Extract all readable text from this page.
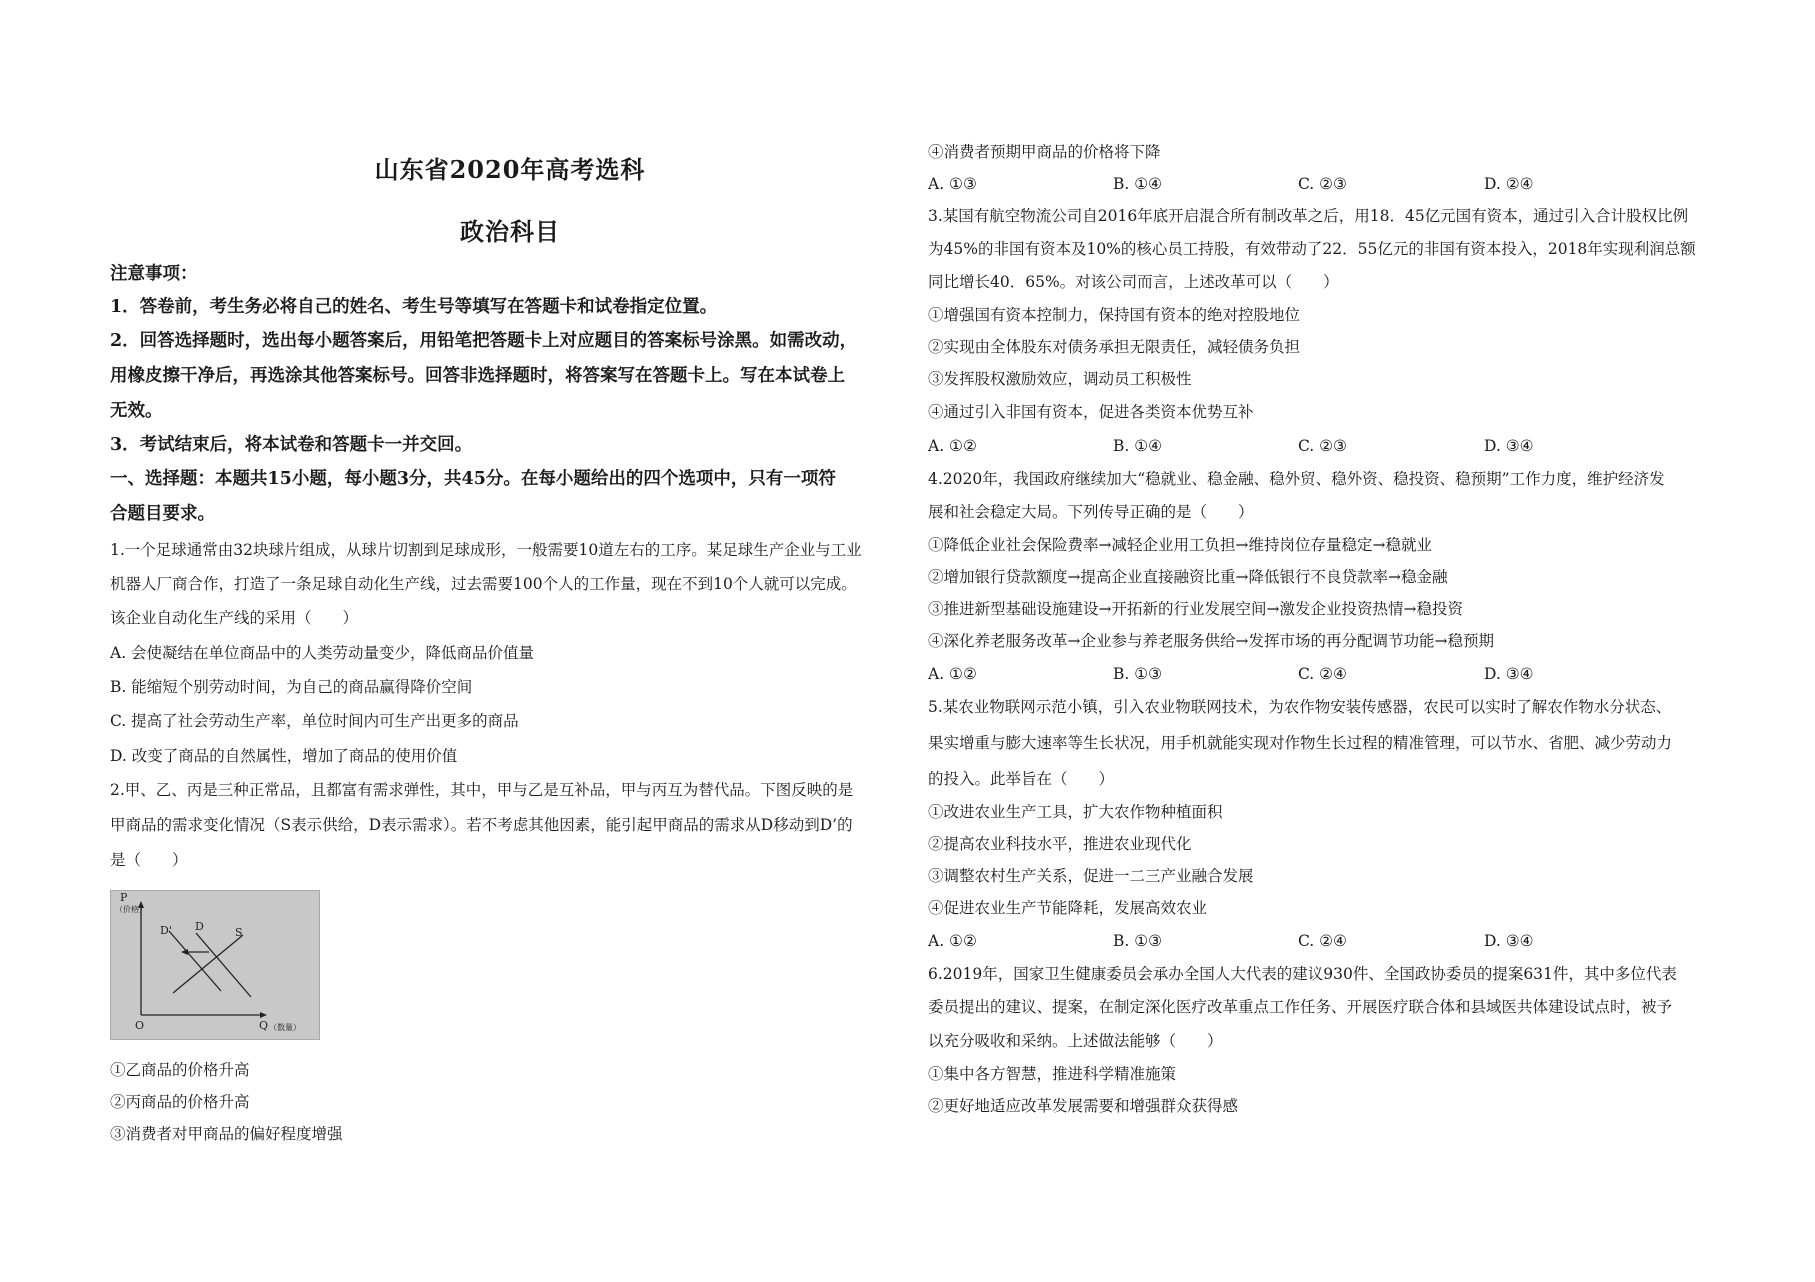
山东省2020年高考选科
政治科目
注意事项：
1．答卷前，考生务必将自己的姓名、考生号等填写在答题卡和试卷指定位置。
2．回答选择题时，选出每小题答案后，用铅笔把答题卡上对应题目的答案标号涂黑。如需改动，
用橡皮擦干净后，再选涂其他答案标号。回答非选择题时，将答案写在答题卡上。写在本试卷上
无效。
3．考试结束后，将本试卷和答题卡一并交回。
一、选择题：本题共15小题，每小题3分，共45分。在每小题给出的四个选项中，只有一项符
合题目要求。
1.一个足球通常由32块球片组成，从球片切割到足球成形，一般需要10道左右的工序。某足球生产企业与工业
机器人厂商合作，打造了一条足球自动化生产线，过去需要100个人的工作量，现在不到10个人就可以完成。
该企业自动化生产线的采用（　　）
A. 会使凝结在单位商品中的人类劳动量变少，降低商品价值量
B. 能缩短个别劳动时间，为自己的商品赢得降价空间
C. 提高了社会劳动生产率，单位时间内可生产出更多的商品
D. 改变了商品的自然属性，增加了商品的使用价值
2.甲、乙、丙是三种正常品，且都富有需求弹性，其中，甲与乙是互补品，甲与丙互为替代品。下图反映的是
甲商品的需求变化情况（S表示供给，D表示需求）。若不考虑其他因素，能引起甲商品的需求从D移动到D’的
是（　　）
P
（价格）
D' D	S
O	Q （数量）
①乙商品的价格升高
②丙商品的价格升高
③消费者对甲商品的偏好程度增强
④消费者预期甲商品的价格将下降
A. ①③	B. ①④	C. ②③	D. ②④
3.某国有航空物流公司自2016年底开启混合所有制改革之后，用18．45亿元国有资本，通过引入合计股权比例
为45%的非国有资本及10%的核心员工持股，有效带动了22．55亿元的非国有资本投入，2018年实现利润总额
同比增长40．65%。对该公司而言，上述改革可以（　　）
①增强国有资本控制力，保持国有资本的绝对控股地位
②实现由全体股东对债务承担无限责任，减轻债务负担
③发挥股权激励效应，调动员工积极性
④通过引入非国有资本，促进各类资本优势互补
A. ①②	B. ①④	C. ②③	D. ③④
4.2020年，我国政府继续加大“稳就业、稳金融、稳外贸、稳外资、稳投资、稳预期”工作力度，维护经济发
展和社会稳定大局。下列传导正确的是（　　）
①降低企业社会保险费率→减轻企业用工负担→维持岗位存量稳定→稳就业
②增加银行贷款额度→提高企业直接融资比重→降低银行不良贷款率→稳金融
③推进新型基础设施建设→开拓新的行业发展空间→激发企业投资热情→稳投资
④深化养老服务改革→企业参与养老服务供给→发挥市场的再分配调节功能→稳预期
A. ①②	B. ①③	C. ②④	D. ③④
5.某农业物联网示范小镇，引入农业物联网技术，为农作物安装传感器，农民可以实时了解农作物水分状态、
果实增重与膨大速率等生长状况，用手机就能实现对作物生长过程的精准管理，可以节水、省肥、减少劳动力
的投入。此举旨在（　　）
①改进农业生产工具，扩大农作物种植面积
②提高农业科技水平，推进农业现代化
③调整农村生产关系，促进一二三产业融合发展
④促进农业生产节能降耗，发展高效农业
A. ①②	B. ①③	C. ②④	D. ③④
6.2019年，国家卫生健康委员会承办全国人大代表的建议930件、全国政协委员的提案631件，其中多位代表
委员提出的建议、提案，在制定深化医疗改革重点工作任务、开展医疗联合体和县域医共体建设试点时，被予
以充分吸收和采纳。上述做法能够（　　）
①集中各方智慧，推进科学精准施策
②更好地适应改革发展需要和增强群众获得感
